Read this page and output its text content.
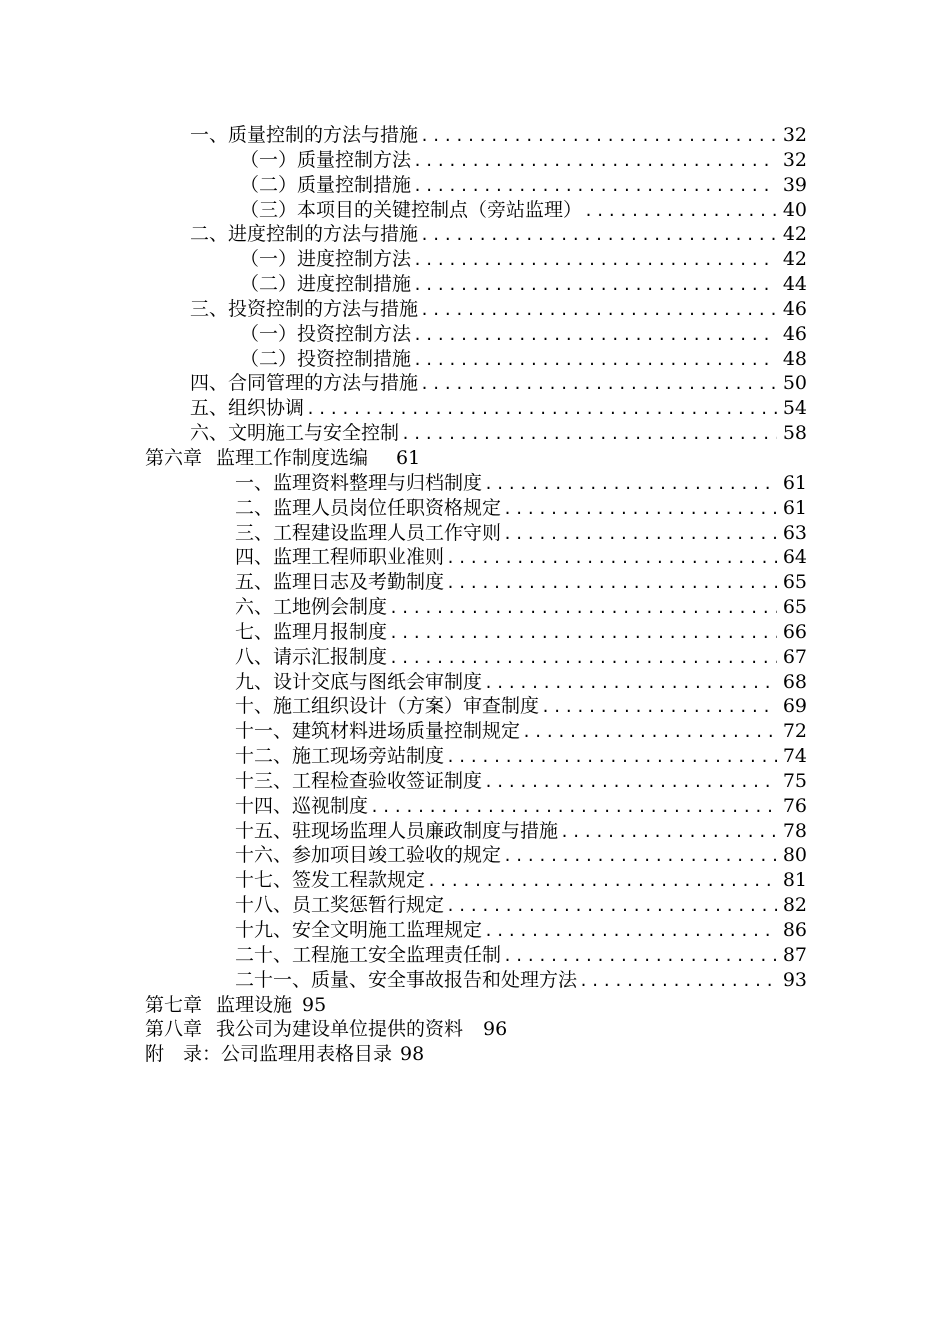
一、质量控制的方法与措施 .....	32
（一）质量控制方法 .....	32
（二）质量控制措施 .....	39
（三）本项目的关键控制点（旁站监理） .....	40
二、进度控制的方法与措施 .....	42
（一）进度控制方法 .....	42
（二）进度控制措施 .....	44
三、投资控制的方法与措施 .....	46
（一）投资控制方法 .....	46
（二）投资控制措施 .....	48
四、合同管理的方法与措施 .....	50
五、组织协调 .....	54
六、文明施工与安全控制 .....	58
第六章 监理工作制度选编 61
一、监理资料整理与归档制度 .....	61
二、监理人员岗位任职资格规定 .....	61
三、工程建设监理人员工作守则 .....	63
四、监理工程师职业准则 .....	64
五、监理日志及考勤制度 .....	65
六、工地例会制度 .....	65
七、监理月报制度 .....	66
八、请示汇报制度 .....	67
九、设计交底与图纸会审制度 .....	68
十、施工组织设计（方案）审查制度 .....	69
十一、建筑材料进场质量控制规定 .....	72
十二、施工现场旁站制度 .....	74
十三、工程检查验收签证制度 .....	75
十四、巡视制度 .....	76
十五、驻现场监理人员廉政制度与措施 .....	78
十六、参加项目竣工验收的规定 .....	80
十七、签发工程款规定 .....	81
十八、员工奖惩暂行规定 .....	82
十九、安全文明施工监理规定 .....	86
二十、工程施工安全监理责任制 .....	87
二十一、质量、安全事故报告和处理方法 .....	93
第七章 监理设施 95
第八章 我公司为建设单位提供的资料 96
附　录： 公司监理用表格目录 98
